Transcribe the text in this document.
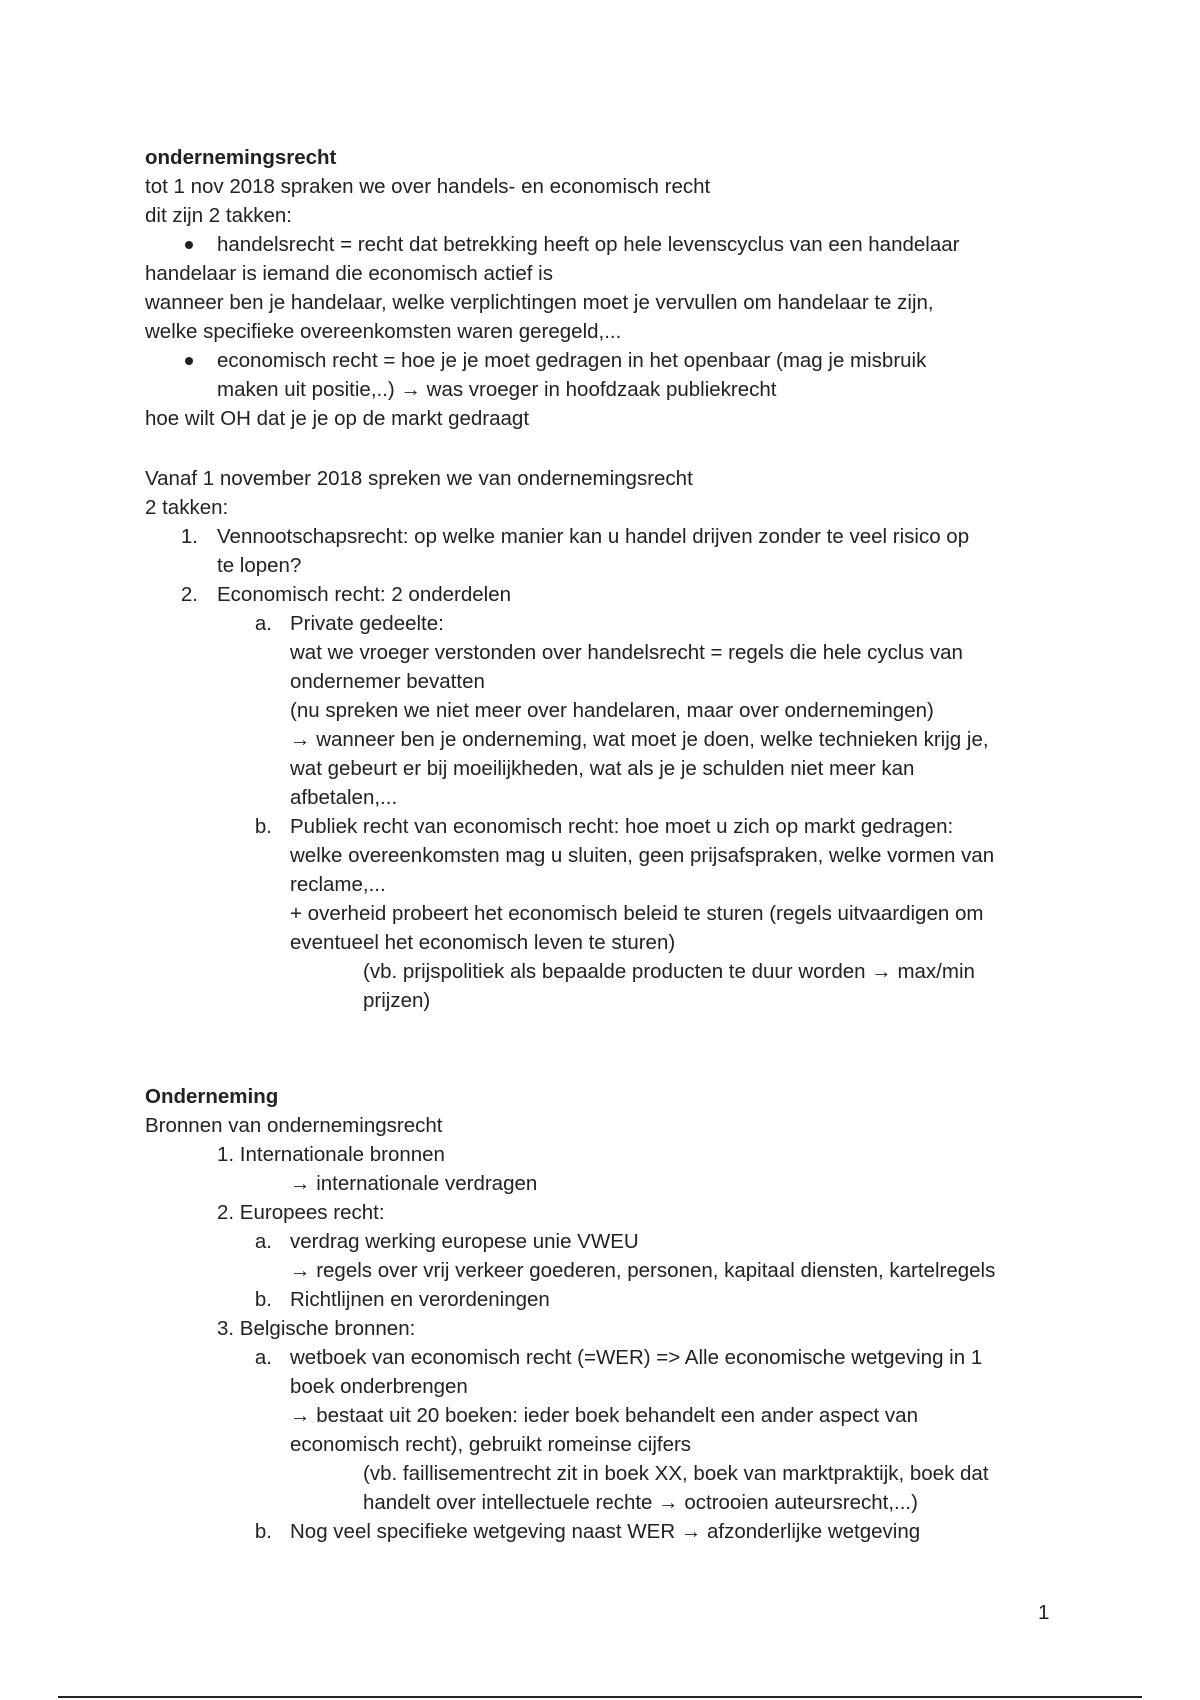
ondernemingsrecht
tot 1 nov 2018 spraken we over handels- en economisch recht
dit zijn 2 takken:
handelsrecht = recht dat betrekking heeft op hele levenscyclus van een handelaar
handelaar is iemand die economisch actief is
wanneer ben je handelaar, welke verplichtingen moet je vervullen om handelaar te zijn,
welke specifieke overeenkomsten waren geregeld,...
economisch recht = hoe je je moet gedragen in het openbaar (mag je misbruik
maken uit positie,..) → was vroeger in hoofdzaak publiekrecht
hoe wilt OH dat je je op de markt gedraagt
Vanaf 1 november 2018 spreken we van ondernemingsrecht
2 takken:
1. Vennootschapsrecht: op welke manier kan u handel drijven zonder te veel risico op
te lopen?
2. Economisch recht: 2 onderdelen
a. Private gedeelte:
wat we vroeger verstonden over handelsrecht = regels die hele cyclus van
ondernemer bevatten
(nu spreken we niet meer over handelaren, maar over ondernemingen)
→ wanneer ben je onderneming, wat moet je doen, welke technieken krijg je,
wat gebeurt er bij moeilijkheden, wat als je je schulden niet meer kan
afbetalen,...
b. Publiek recht van economisch recht: hoe moet u zich op markt gedragen:
welke overeenkomsten mag u sluiten, geen prijsafspraken, welke vormen van
reclame,...
+ overheid probeert het economisch beleid te sturen (regels uitvaardigen om
eventueel het economisch leven te sturen)
(vb. prijspolitiek als bepaalde producten te duur worden → max/min
prijzen)
Onderneming
Bronnen van ondernemingsrecht
1. Internationale bronnen
→ internationale verdragen
2. Europees recht:
a. verdrag werking europese unie VWEU
→ regels over vrij verkeer goederen, personen, kapitaal diensten, kartelregels
b. Richtlijnen en verordeningen
3. Belgische bronnen:
a. wetboek van economisch recht (=WER) => Alle economische wetgeving in 1
boek onderbrengen
→ bestaat uit 20 boeken: ieder boek behandelt een ander aspect van
economisch recht), gebruikt romeinse cijfers
(vb. faillisementrecht zit in boek XX, boek van marktpraktijk, boek dat
handelt over intellectuele rechte → octrooien auteursrecht,...)
b. Nog veel specifieke wetgeving naast WER → afzonderlijke wetgeving
1
